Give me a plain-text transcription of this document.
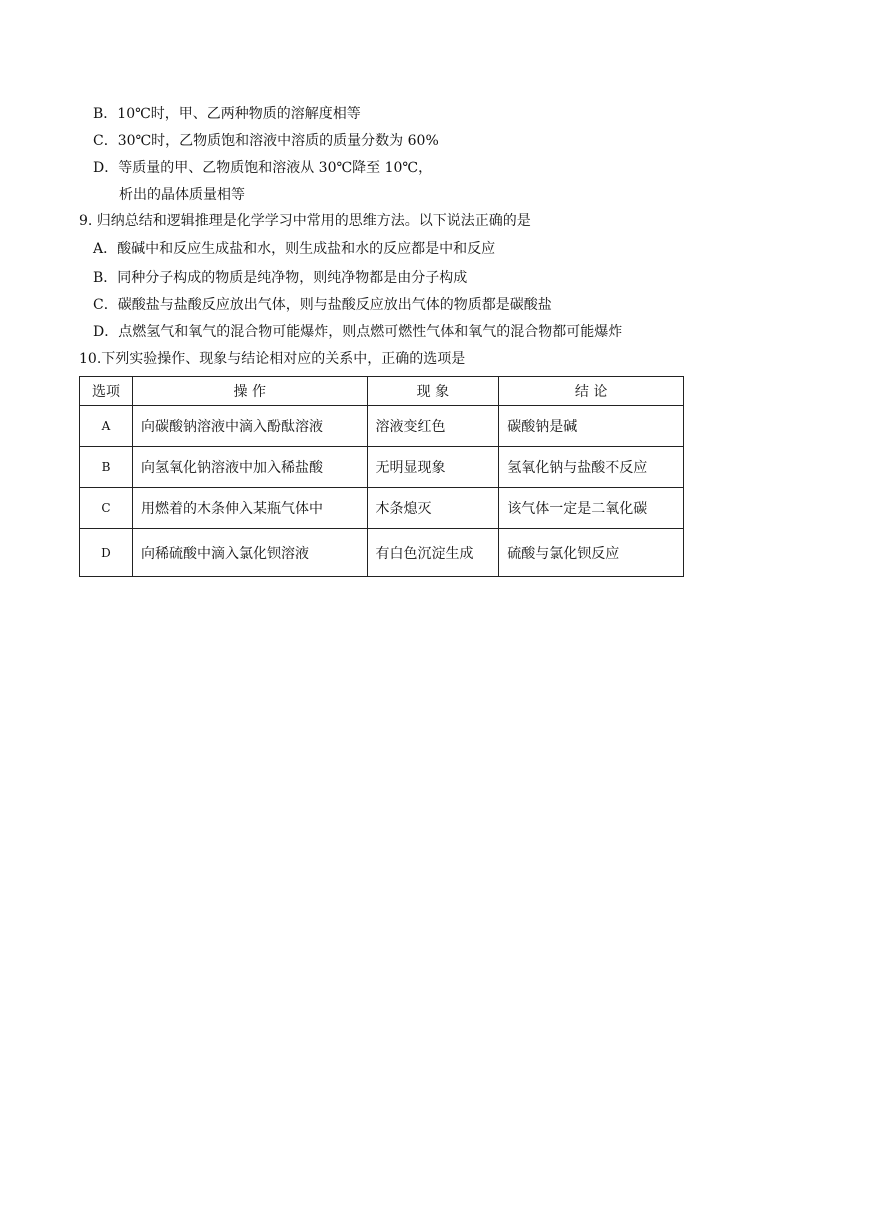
B．10℃时，甲、乙两种物质的溶解度相等
C．30℃时，乙物质饱和溶液中溶质的质量分数为 60%
D．等质量的甲、乙物质饱和溶液从 30℃降至 10℃，
析出的晶体质量相等
9. 归纳总结和逻辑推理是化学学习中常用的思维方法。以下说法正确的是
A．酸碱中和反应生成盐和水，则生成盐和水的反应都是中和反应
B．同种分子构成的物质是纯净物，则纯净物都是由分子构成
C．碳酸盐与盐酸反应放出气体，则与盐酸反应放出气体的物质都是碳酸盐
D．点燃氢气和氧气的混合物可能爆炸，则点燃可燃性气体和氧气的混合物都可能爆炸
10.下列实验操作、现象与结论相对应的关系中，正确的选项是
选项	操 作	现 象	结 论
A	向碳酸钠溶液中滴入酚酞溶液	溶液变红色	碳酸钠是碱
B	向氢氧化钠溶液中加入稀盐酸	无明显现象	氢氧化钠与盐酸不反应
C	用燃着的木条伸入某瓶气体中	木条熄灭	该气体一定是二氧化碳
D	向稀硫酸中滴入氯化钡溶液	有白色沉淀生成	硫酸与氯化钡反应
